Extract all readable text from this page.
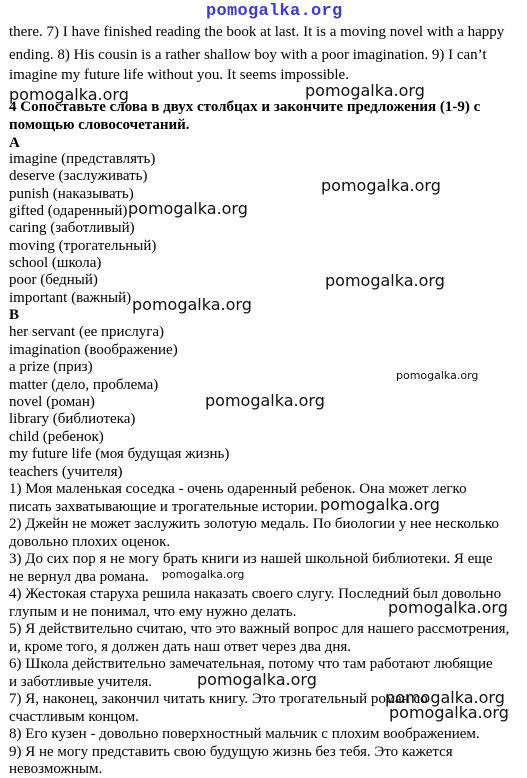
pomogalka.org
there. 7) I have finished reading the book at last. It is a moving novel with a happy
ending. 8) His cousin is a rather shallow boy with a poor imagination. 9) I can’t
imagine my future life without you. It seems impossible.
4 Сопоставьте слова в двух столбцах и закончите предложения (1-9) с
помощью словосочетаний.
A
imagine (представлять)
deserve (заслуживать)
punish (наказывать)
gifted (одаренный)
caring (заботливый)
moving (трогательный)
school (школа)
poor (бедный)
important (важный)
B
her servant (ее прислуга)
imagination (воображение)
a prize (приз)
matter (дело, проблема)
novel (роман)
library (библиотека)
child (ребенок)
my future life (моя будущая жизнь)
teachers (учителя)
1) Моя маленькая соседка - очень одаренный ребенок. Она может легко
писать захватывающие и трогательные истории.
2) Джейн не может заслужить золотую медаль. По биологии у нее несколько
довольно плохих оценок.
3) До сих пор я не могу брать книги из нашей школьной библиотеки. Я еще
не вернул два романа.
4) Жестокая старуха решила наказать своего слугу. Последний был довольно
глупым и не понимал, что ему нужно делать.
5) Я действительно считаю, что это важный вопрос для нашего рассмотрения,
и, кроме того, я должен дать наш ответ через два дня.
6) Школа действительно замечательная, потому что там работают любящие
и заботливые учителя.
7) Я, наконец, закончил читать книгу. Это трогательный роман со
счастливым концом.
8) Его кузен - довольно поверхностный мальчик с плохим воображением.
9) Я не могу представить свою будущую жизнь без тебя. Это кажется
невозможным.
pomogalka.org	pomogalka.org
pomogalka.org
pomogalka.org
pomogalka.org
pomogalka.org
pomogalka.org
pomogalka.org
pomogalka.org
pomogalka.org
pomogalka.org
pomogalka.org
pomogalka.org
pomogalka.org
